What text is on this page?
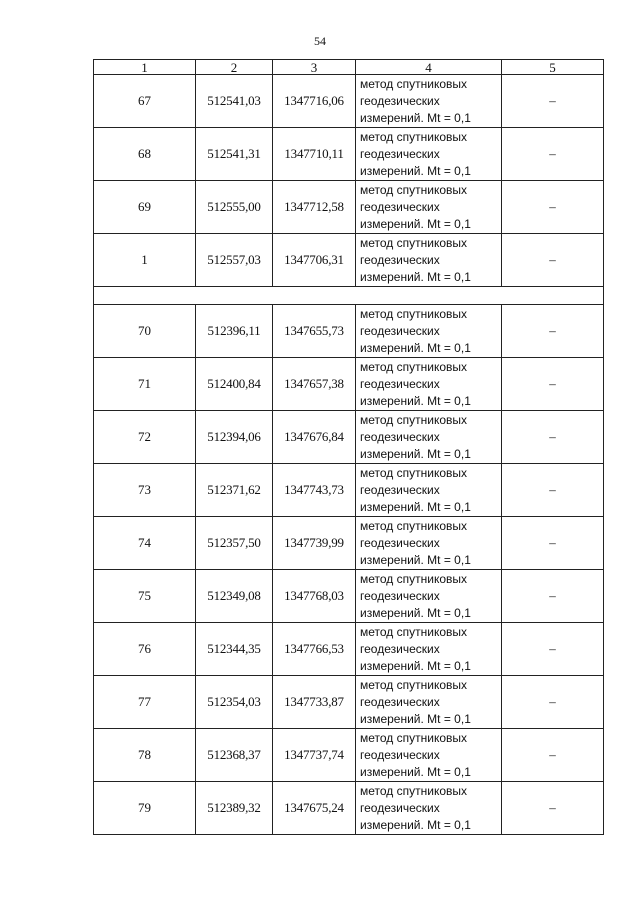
54
1	2	3	4	5
67	512541,03	1347716,06	метод спутниковых
геодезических
измерений. Mt = 0,1	–
68	512541,31	1347710,11	метод спутниковых
геодезических
измерений. Mt = 0,1	–
69	512555,00	1347712,58	метод спутниковых
геодезических
измерений. Mt = 0,1	–
1	512557,03	1347706,31	метод спутниковых
геодезических
измерений. Mt = 0,1	–

70	512396,11	1347655,73	метод спутниковых
геодезических
измерений. Mt = 0,1	–
71	512400,84	1347657,38	метод спутниковых
геодезических
измерений. Mt = 0,1	–
72	512394,06	1347676,84	метод спутниковых
геодезических
измерений. Mt = 0,1	–
73	512371,62	1347743,73	метод спутниковых
геодезических
измерений. Mt = 0,1	–
74	512357,50	1347739,99	метод спутниковых
геодезических
измерений. Mt = 0,1	–
75	512349,08	1347768,03	метод спутниковых
геодезических
измерений. Mt = 0,1	–
76	512344,35	1347766,53	метод спутниковых
геодезических
измерений. Mt = 0,1	–
77	512354,03	1347733,87	метод спутниковых
геодезических
измерений. Mt = 0,1	–
78	512368,37	1347737,74	метод спутниковых
геодезических
измерений. Mt = 0,1	–
79	512389,32	1347675,24	метод спутниковых
геодезических
измерений. Mt = 0,1	–
